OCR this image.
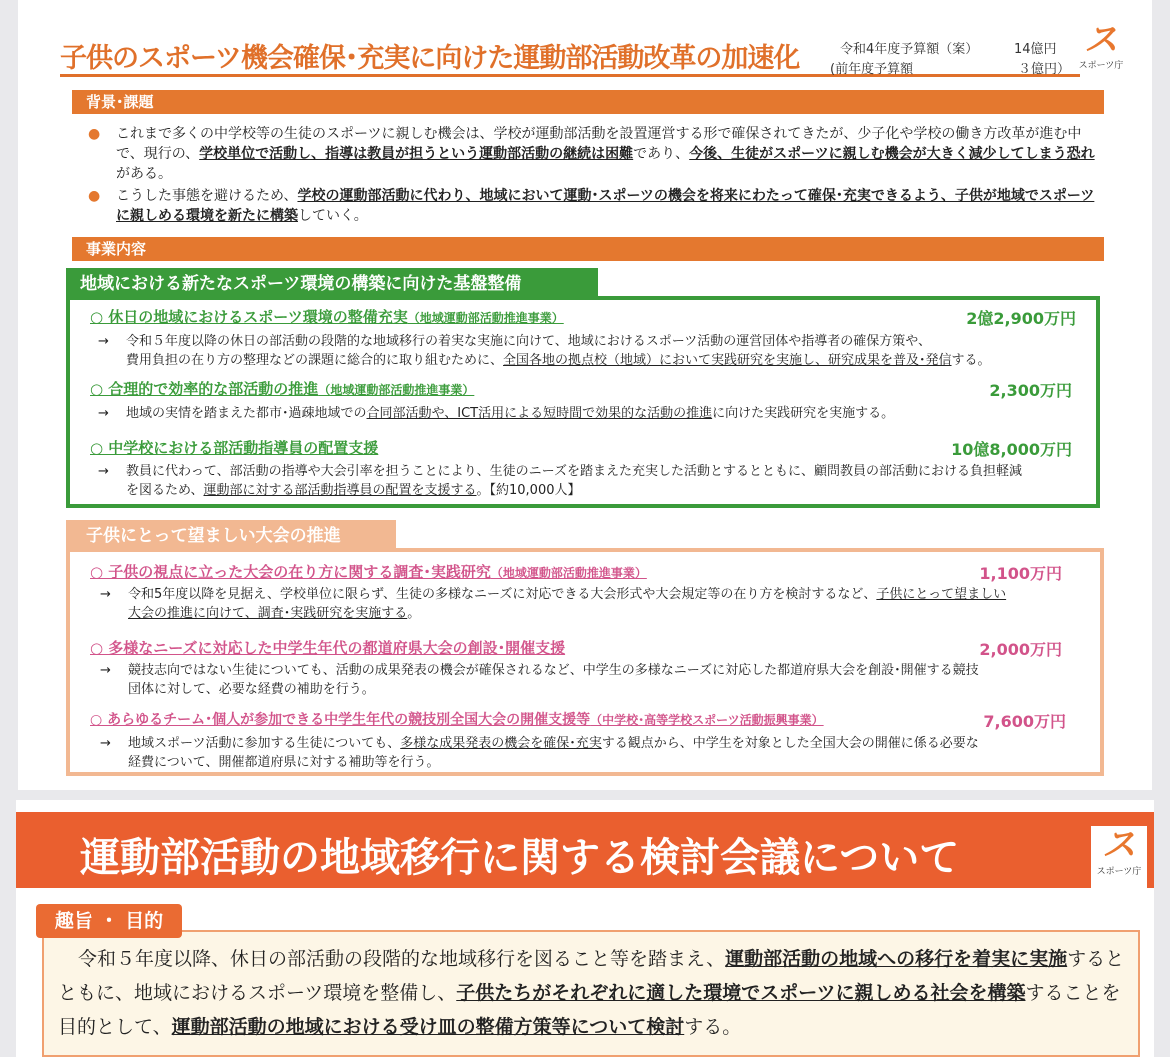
子供のスポーツ機会確保･充実に向けた運動部活動改革の加速化	令和4年度予算額（案）	14億円
(前年度予算額	３億円）
ス
スポーツ庁
背景･課題
● これまで多くの中学校等の生徒のスポーツに親しむ機会は、学校が運動部活動を設置運営する形で確保されてきたが、少子化や学校の働き方改革が進む中で、現行の、学校単位で活動し、指導は教員が担うという運動部活動の継続は困難であり、今後、生徒がスポーツに親しむ機会が大きく減少してしまう恐れがある。
● こうした事態を避けるため、学校の運動部活動に代わり、地域において運動･スポーツの機会を将来にわたって確保･充実できるよう、子供が地域でスポーツに親しめる環境を新たに構築していく。
事業内容
地域における新たなスポーツ環境の構築に向けた基盤整備
○ 休日の地域におけるスポーツ環境の整備充実（地域運動部活動推進事業）	2億2,900万円
→ 令和５年度以降の休日の部活動の段階的な地域移行の着実な実施に向けて、地域におけるスポーツ活動の運営団体や指導者の確保方策や、
費用負担の在り方の整理などの課題に総合的に取り組むために、全国各地の拠点校（地域）において実践研究を実施し、研究成果を普及･発信する。
○ 合理的で効率的な部活動の推進（地域運動部活動推進事業）	2,300万円
→ 地域の実情を踏まえた都市･過疎地域での合同部活動や、ICT活用による短時間で効果的な活動の推進に向けた実践研究を実施する。
○ 中学校における部活動指導員の配置支援	10億8,000万円
→ 教員に代わって、部活動の指導や大会引率を担うことにより、生徒のニーズを踏まえた充実した活動とするとともに、顧問教員の部活動における負担軽減
を図るため、運動部に対する部活動指導員の配置を支援する。【約10,000人】
子供にとって望ましい大会の推進
○ 子供の視点に立った大会の在り方に関する調査･実践研究（地域運動部活動推進事業）	1,100万円
→ 令和5年度以降を見据え、学校単位に限らず、生徒の多様なニーズに対応できる大会形式や大会規定等の在り方を検討するなど、子供にとって望ましい
大会の推進に向けて、調査･実践研究を実施する。
○ 多様なニーズに対応した中学生年代の都道府県大会の創設･開催支援	2,000万円
→ 競技志向ではない生徒についても、活動の成果発表の機会が確保されるなど、中学生の多様なニーズに対応した都道府県大会を創設･開催する競技
団体に対して、必要な経費の補助を行う。
○ あらゆるチーム･個人が参加できる中学生年代の競技別全国大会の開催支援等（中学校･高等学校スポーツ活動振興事業）	7,600万円
→ 地域スポーツ活動に参加する生徒についても、多様な成果発表の機会を確保･充実する観点から、中学生を対象とした全国大会の開催に係る必要な
経費について、開催都道府県に対する補助等を行う。
運動部活動の地域移行に関する検討会議について	ス
スポーツ庁
令和５年度以降、休日の部活動の段階的な地域移行を図ること等を踏まえ、運動部活動の地域への移行を着実に実施するとともに、地域におけるスポーツ環境を整備し、子供たちがそれぞれに適した環境でスポーツに親しめる社会を構築することを目的として、運動部活動の地域における受け皿の整備方策等について検討する。
趣旨 ・ 目的
